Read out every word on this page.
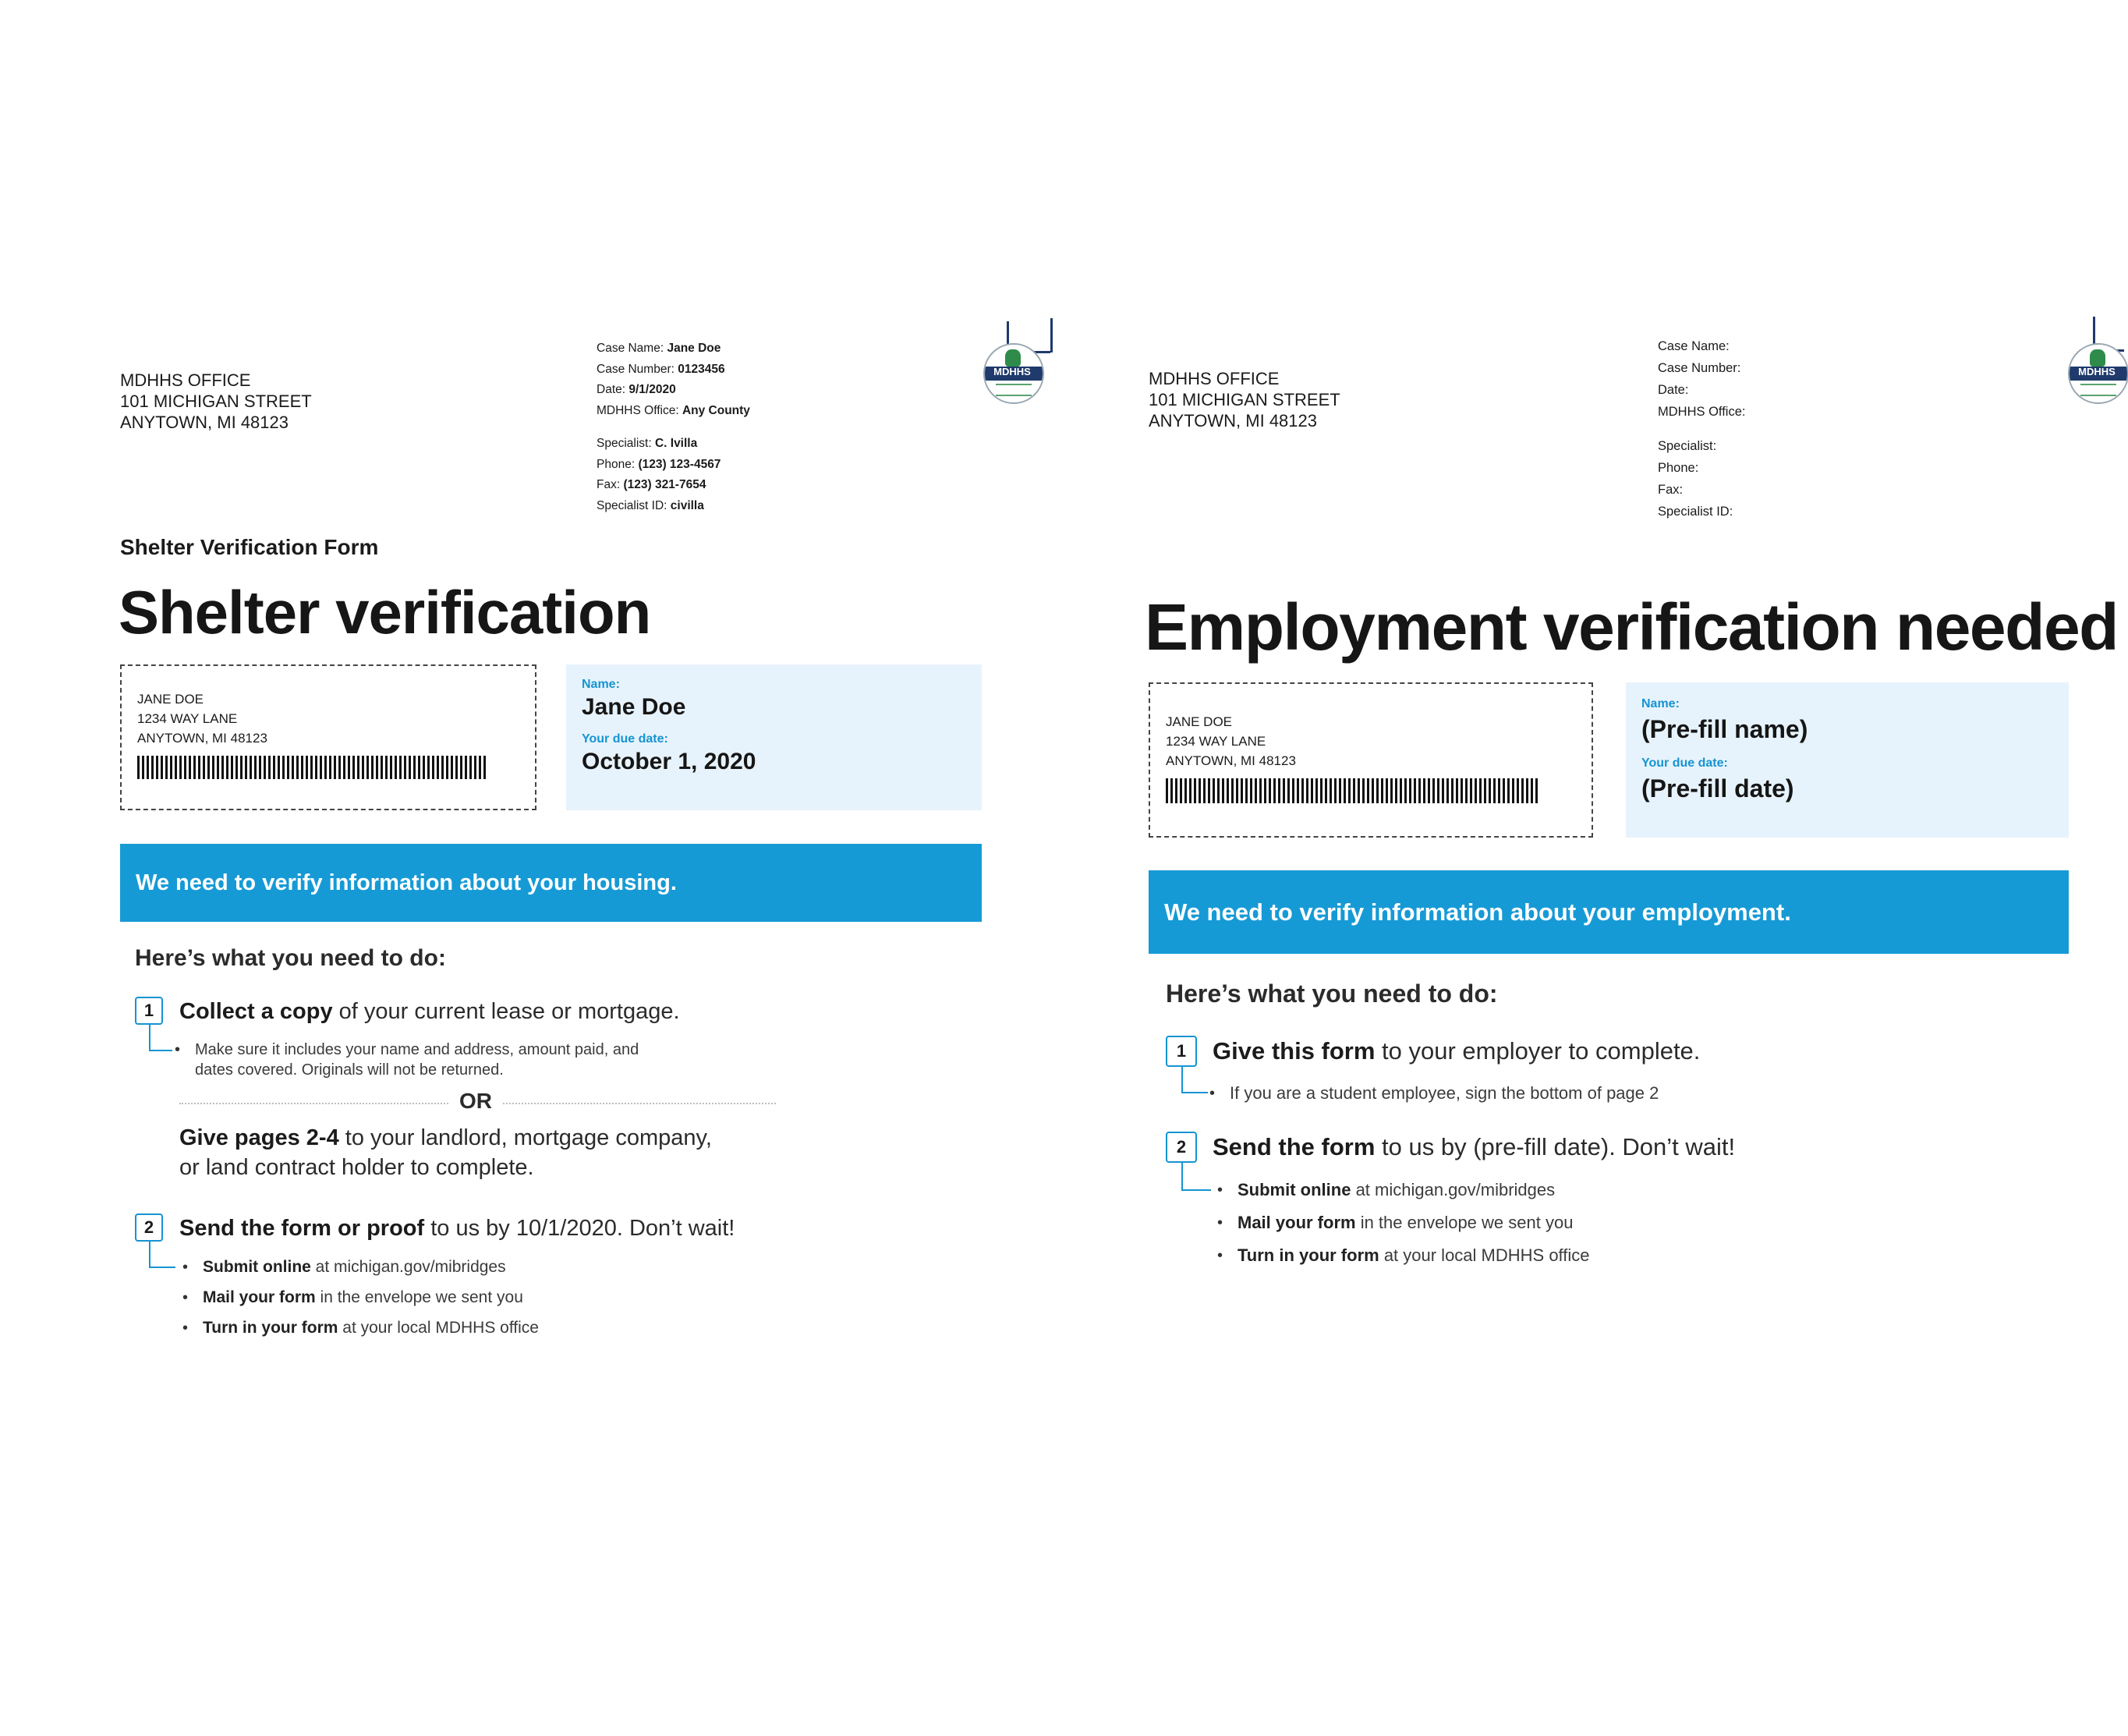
MDHHS OFFICE
101 MICHIGAN STREET
ANYTOWN, MI 48123
Case Name: Jane Doe
Case Number: 0123456
Date: 9/1/2020
MDHHS Office: Any County
Specialist: C. Ivilla
Phone: (123) 123-4567
Fax: (123) 321-7654
Specialist ID: civilla
MDHHS
Shelter Verification Form
Shelter verification
JANE DOE
1234 WAY LANE
ANYTOWN, MI 48123
Name:
Jane Doe
Your due date:
October 1, 2020
We need to verify information about your housing.
Here’s what you need to do:
1	Collect a copy of your current lease or mortgage.
• Make sure it includes your name and address, amount paid, and
dates covered. Originals will not be returned.
OR
Give pages 2-4 to your landlord, mortgage company,
or land contract holder to complete.
2	Send the form or proof to us by 10/1/2020. Don’t wait!
• Submit online at michigan.gov/mibridges
• Mail your form in the envelope we sent you
• Turn in your form at your local MDHHS office
MDHHS OFFICE
101 MICHIGAN STREET
ANYTOWN, MI 48123
Case Name:
Case Number:
Date:
MDHHS Office:
Specialist:
Phone:
Fax:
Specialist ID:
MDHHS
Employment verification needed
JANE DOE
1234 WAY LANE
ANYTOWN, MI 48123
Name:
(Pre-fill name)
Your due date:
(Pre-fill date)
We need to verify information about your employment.
Here’s what you need to do:
1	Give this form to your employer to complete.
• If you are a student employee, sign the bottom of page 2
2	Send the form to us by (pre-fill date). Don’t wait!
• Submit online at michigan.gov/mibridges
• Mail your form in the envelope we sent you
• Turn in your form at your local MDHHS office
